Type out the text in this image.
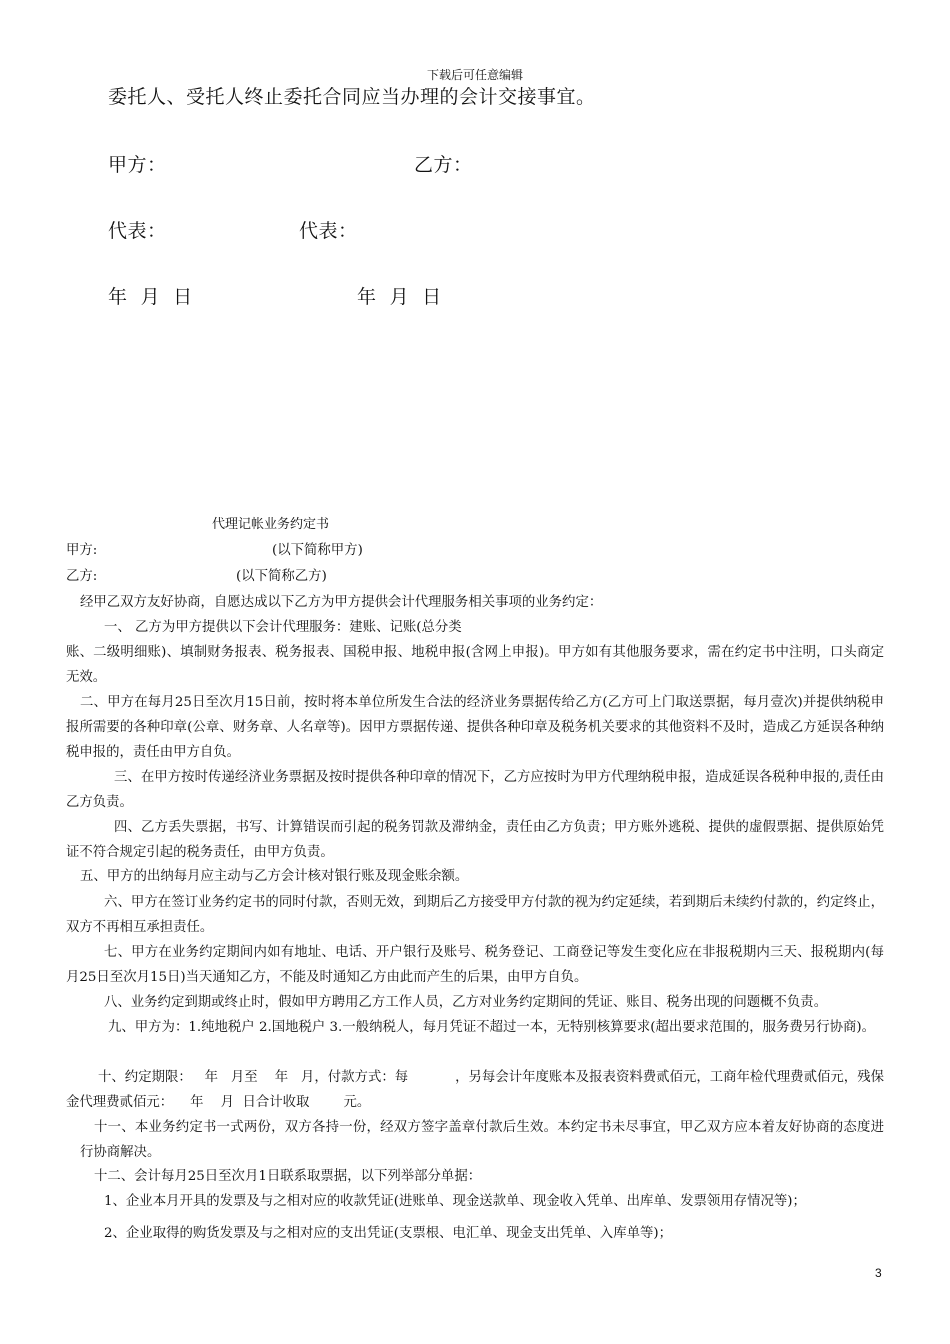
下载后可任意编辑
委托人、受托人终止委托合同应当办理的会计交接事宜。
甲方：	乙方：
代表：	代表：
年  月  日	年  月  日
代理记帐业务约定书
甲方:	(以下简称甲方)
乙方:	(以下简称乙方)
经甲乙双方友好协商，自愿达成以下乙方为甲方提供会计代理服务相关事项的业务约定：
一、 乙方为甲方提供以下会计代理服务：建账、记账(总分类
账、二级明细账)、填制财务报表、税务报表、国税申报、地税申报(含网上申报)。甲方如有其他服务要求，需在约定书中注明，口头商定无效。
二、甲方在每月25日至次月15日前，按时将本单位所发生合法的经济业务票据传给乙方(乙方可上门取送票据，每月壹次)并提供纳税申报所需要的各种印章(公章、财务章、人名章等)。因甲方票据传递、提供各种印章及税务机关要求的其他资料不及时，造成乙方延误各种纳税申报的，责任由甲方自负。
三、在甲方按时传递经济业务票据及按时提供各种印章的情况下，乙方应按时为甲方代理纳税申报，造成延误各税种申报的,责任由乙方负责。
四、乙方丢失票据，书写、计算错误而引起的税务罚款及滞纳金，责任由乙方负责；甲方账外逃税、提供的虚假票据、提供原始凭证不符合规定引起的税务责任，由甲方负责。
五、甲方的出纳每月应主动与乙方会计核对银行账及现金账余额。
六、甲方在签订业务约定书的同时付款，否则无效，到期后乙方接受甲方付款的视为约定延续，若到期后未续约付款的，约定终止，双方不再相互承担责任。
七、甲方在业务约定期间内如有地址、电话、开户银行及账号、税务登记、工商登记等发生变化应在非报税期内三天、报税期内(每月25日至次月15日)当天通知乙方，不能及时通知乙方由此而产生的后果，由甲方自负。
八、业务约定到期或终止时，假如甲方聘用乙方工作人员，乙方对业务约定期间的凭证、账目、税务出现的问题概不负责。
九、甲方为：1.纯地税户 2.国地税户 3.一般纳税人，每月凭证不超过一本，无特别核算要求(超出要求范围的，服务费另行协商)。
十、约定期限：   年   月至    年   月，付款方式：每           ，另每会计年度账本及报表资料费贰佰元，工商年检代理费贰佰元，残保金代理费贰佰元：    年    月  日合计收取        元。
十一、本业务约定书一式两份，双方各持一份，经双方签字盖章付款后生效。本约定书未尽事宜，甲乙双方应本着友好协商的态度进行协商解决。
十二、会计每月25日至次月1日联系取票据，以下列举部分单据：
1、企业本月开具的发票及与之相对应的收款凭证(进账单、现金送款单、现金收入凭单、出库单、发票领用存情况等)；
2、企业取得的购货发票及与之相对应的支出凭证(支票根、电汇单、现金支出凭单、入库单等)；
3
